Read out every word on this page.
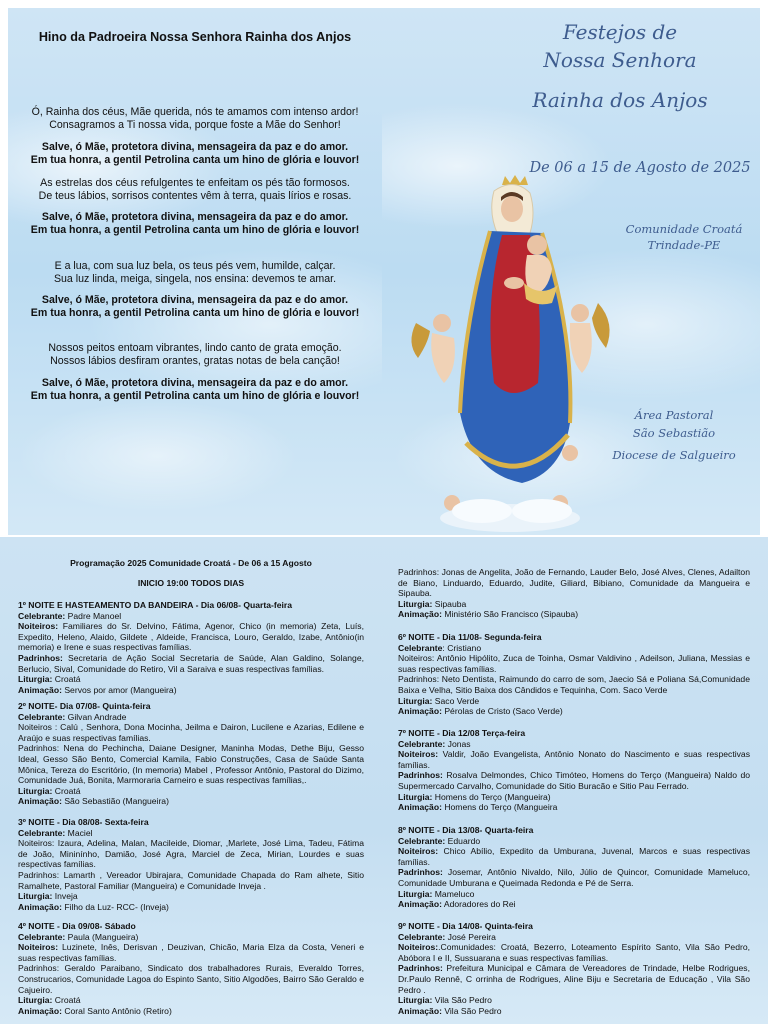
Hino da Padroeira Nossa Senhora Rainha dos Anjos
Ó, Rainha dos céus, Mãe querida, nós te amamos com intenso ardor!
Consagramos a Ti nossa vida, porque foste a Mãe do Senhor!
Salve, ó Mãe, protetora divina, mensageira da paz e do amor.
Em tua honra, a gentil Petrolina canta um hino de glória e louvor!
As estrelas dos céus refulgentes te enfeitam os pés tão formosos.
De teus lábios, sorrisos contentes vêm à terra, quais lírios e rosas.
Salve, ó Mãe, protetora divina, mensageira da paz e do amor.
Em tua honra, a gentil Petrolina canta um hino de glória e louvor!
E a lua, com sua luz bela, os teus pés vem, humilde, calçar.
Sua luz linda, meiga, singela, nos ensina: devemos te amar.
Salve, ó Mãe, protetora divina, mensageira da paz e do amor.
Em tua honra, a gentil Petrolina canta um hino de glória e louvor!
Nossos peitos entoam vibrantes, lindo canto de grata emoção.
Nossos lábios desfiram orantes, gratas notas de bela canção!
Salve, ó Mãe, protetora divina, mensageira da paz e do amor.
Em tua honra, a gentil Petrolina canta um hino de glória e louvor!
Festejos de
Nossa Senhora
Rainha dos Anjos
De 06 a 15 de Agosto de 2025
Comunidade Croatá
Trindade-PE
Área Pastoral
São Sebastião
Diocese de Salgueiro
Programação 2025 Comunidade Croatá - De 06 a 15 Agosto
INICIO 19:00 TODOS DIAS
1º NOITE E HASTEAMENTO DA BANDEIRA - Dia 06/08- Quarta-feira
Celebrante: Padre Manoel
Noiteiros: Familiares do Sr. Delvino, Fátima, Agenor, Chico (in memoria) Zeta, Luís, Expedito, Heleno, Alaido, Gildete , Aldeide, Francisca, Louro, Geraldo, Izabe, Antônio(in memoria) e Irene e suas respectivas famílias.
Padrinhos: Secretaria de Ação Social Secretaria de Saúde, Alan Galdino, Solange, Berlucio, Sival, Comunidade do Retiro, Vil a Saraiva e suas respectivas famílias.
Liturgia: Croatá
Animação: Servos por amor (Mangueira)
2º NOITE- Dia 07/08- Quinta-feira
Celebrante: Gilvan Andrade
Noiteiros : Calú , Senhora, Dona Mocinha, Jeilma e Dairon, Lucilene e Azarias, Edilene e Araújo e suas respectivas famílias.
Padrinhos: Nena do Pechincha, Daiane Designer, Maninha Modas, Dethe Biju, Gesso Ideal, Gesso São Bento, Comercial Kamila, Fabio Construções, Casa de Saúde Santa Mônica, Tereza do Escritório, (In memoria) Mabel , Professor Antônio, Pastoral do Dizimo, Comunidade Juá, Bonita, Marmoraria Carneiro e suas respectivas famílias,.
Liturgia: Croatá
Animação: São Sebastião (Mangueira)
3º NOITE - Dia 08/08- Sexta-feira
Celebrante: Maciel
Noiteiros: Izaura, Adelina, Malan, Macileide, Diomar, ,Marlete, José Lima, Tadeu, Fátima de João, Mininínho, Damião, José Agra, Marciel de Zeca, Mirian, Lourdes e suas respectivas famílias.
Padrinhos: Lamarth , Vereador Ubirajara, Comunidade Chapada do Ram alhete, Sitio Ramalhete, Pastoral Familiar (Mangueira) e Comunidade Inveja .
Liturgia: Inveja
Animação: Filho da Luz- RCC- (Inveja)
4º NOITE - Dia 09/08- Sábado
Celebrante: Paula (Mangueira)
Noiteiros: Luzinete, Inês, Derisvan , Deuzivan, Chicão, Maria Elza da Costa, Veneri e suas respectivas famílias.
Padrinhos: Geraldo Paraibano, Sindicato dos trabalhadores Rurais, Everaldo Torres, Construcarios, Comunidade Lagoa do Espinto Santo, Sitio Algodões, Bairro São Geraldo e Cajueiro.
Liturgia: Croatá
Animação: Coral Santo Antônio (Retiro)
Padrinhos: Jonas de Angelita, João de Fernando, Lauder Belo, José Alves, Clenes, Adailton de Biano, Linduardo, Eduardo, Judite, Giliard, Bibiano, Comunidade da Mangueira e Sipauba.
Liturgia: Sipauba
Animação: Ministério São Francisco (Sipauba)
6º NOITE - Dia 11/08- Segunda-feira
Celebrante: Cristiano
Noiteiros: Antônio Hipólito, Zuca de Toinha, Osmar Valdivino , Adeilson, Juliana, Messias e suas respectivas famílias.
Padrinhos: Neto Dentista, Raimundo do carro de som, Jaecio Sá e Poliana Sá,Comunidade Baixa e Velha, Sitio Baixa dos Cândidos e Tequinha, Com. Saco Verde
Liturgia: Saco Verde
Animação: Pérolas de Cristo (Saco Verde)
7º NOITE - Dia 12/08 Terça-feira
Celebrante: Jonas
Noiteiros: Valdir, João Evangelista, Antônio Nonato do Nascimento e suas respectivas famílias.
Padrinhos: Rosalva Delmondes, Chico Timóteo, Homens do Terço (Mangueira) Naldo do Supermercado Carvalho, Comunidade do Sitio Buracão e Sitio Pau Ferrado.
Liturgia: Homens do Terço (Mangueira)
Animação: Homens do Terço (Mangueira
8º NOITE - Dia 13/08- Quarta-feira
Celebrante: Eduardo
Noiteiros: Chico Abílio, Expedito da Umburana, Juvenal, Marcos e suas respectivas famílias.
Padrinhos: Josemar, Antônio Nivaldo, Nilo, Júlio de Quincor, Comunidade Mameluco, Comunidade Umburana e Queimada Redonda e Pé de Serra.
Liturgia: Mameluco
Animação: Adoradores do Rei
9º NOITE - Dia 14/08- Quinta-feira
Celebrante: José Pereira
Noiteiros:.Comunidades: Croatá, Bezerro, Loteamento Espírito Santo, Vila São Pedro, Abóbora I e II, Sussuarana e suas respectivas famílias.
Padrinhos: Prefeitura Municipal e Câmara de Vereadores de Trindade, Helbe Rodrigues, Dr.Paulo Rennê, C orrinha de Rodrigues, Aline Biju e Secretaria de Educação , Vila São Pedro .
Liturgia: Vila São Pedro
Animação: Vila São Pedro
